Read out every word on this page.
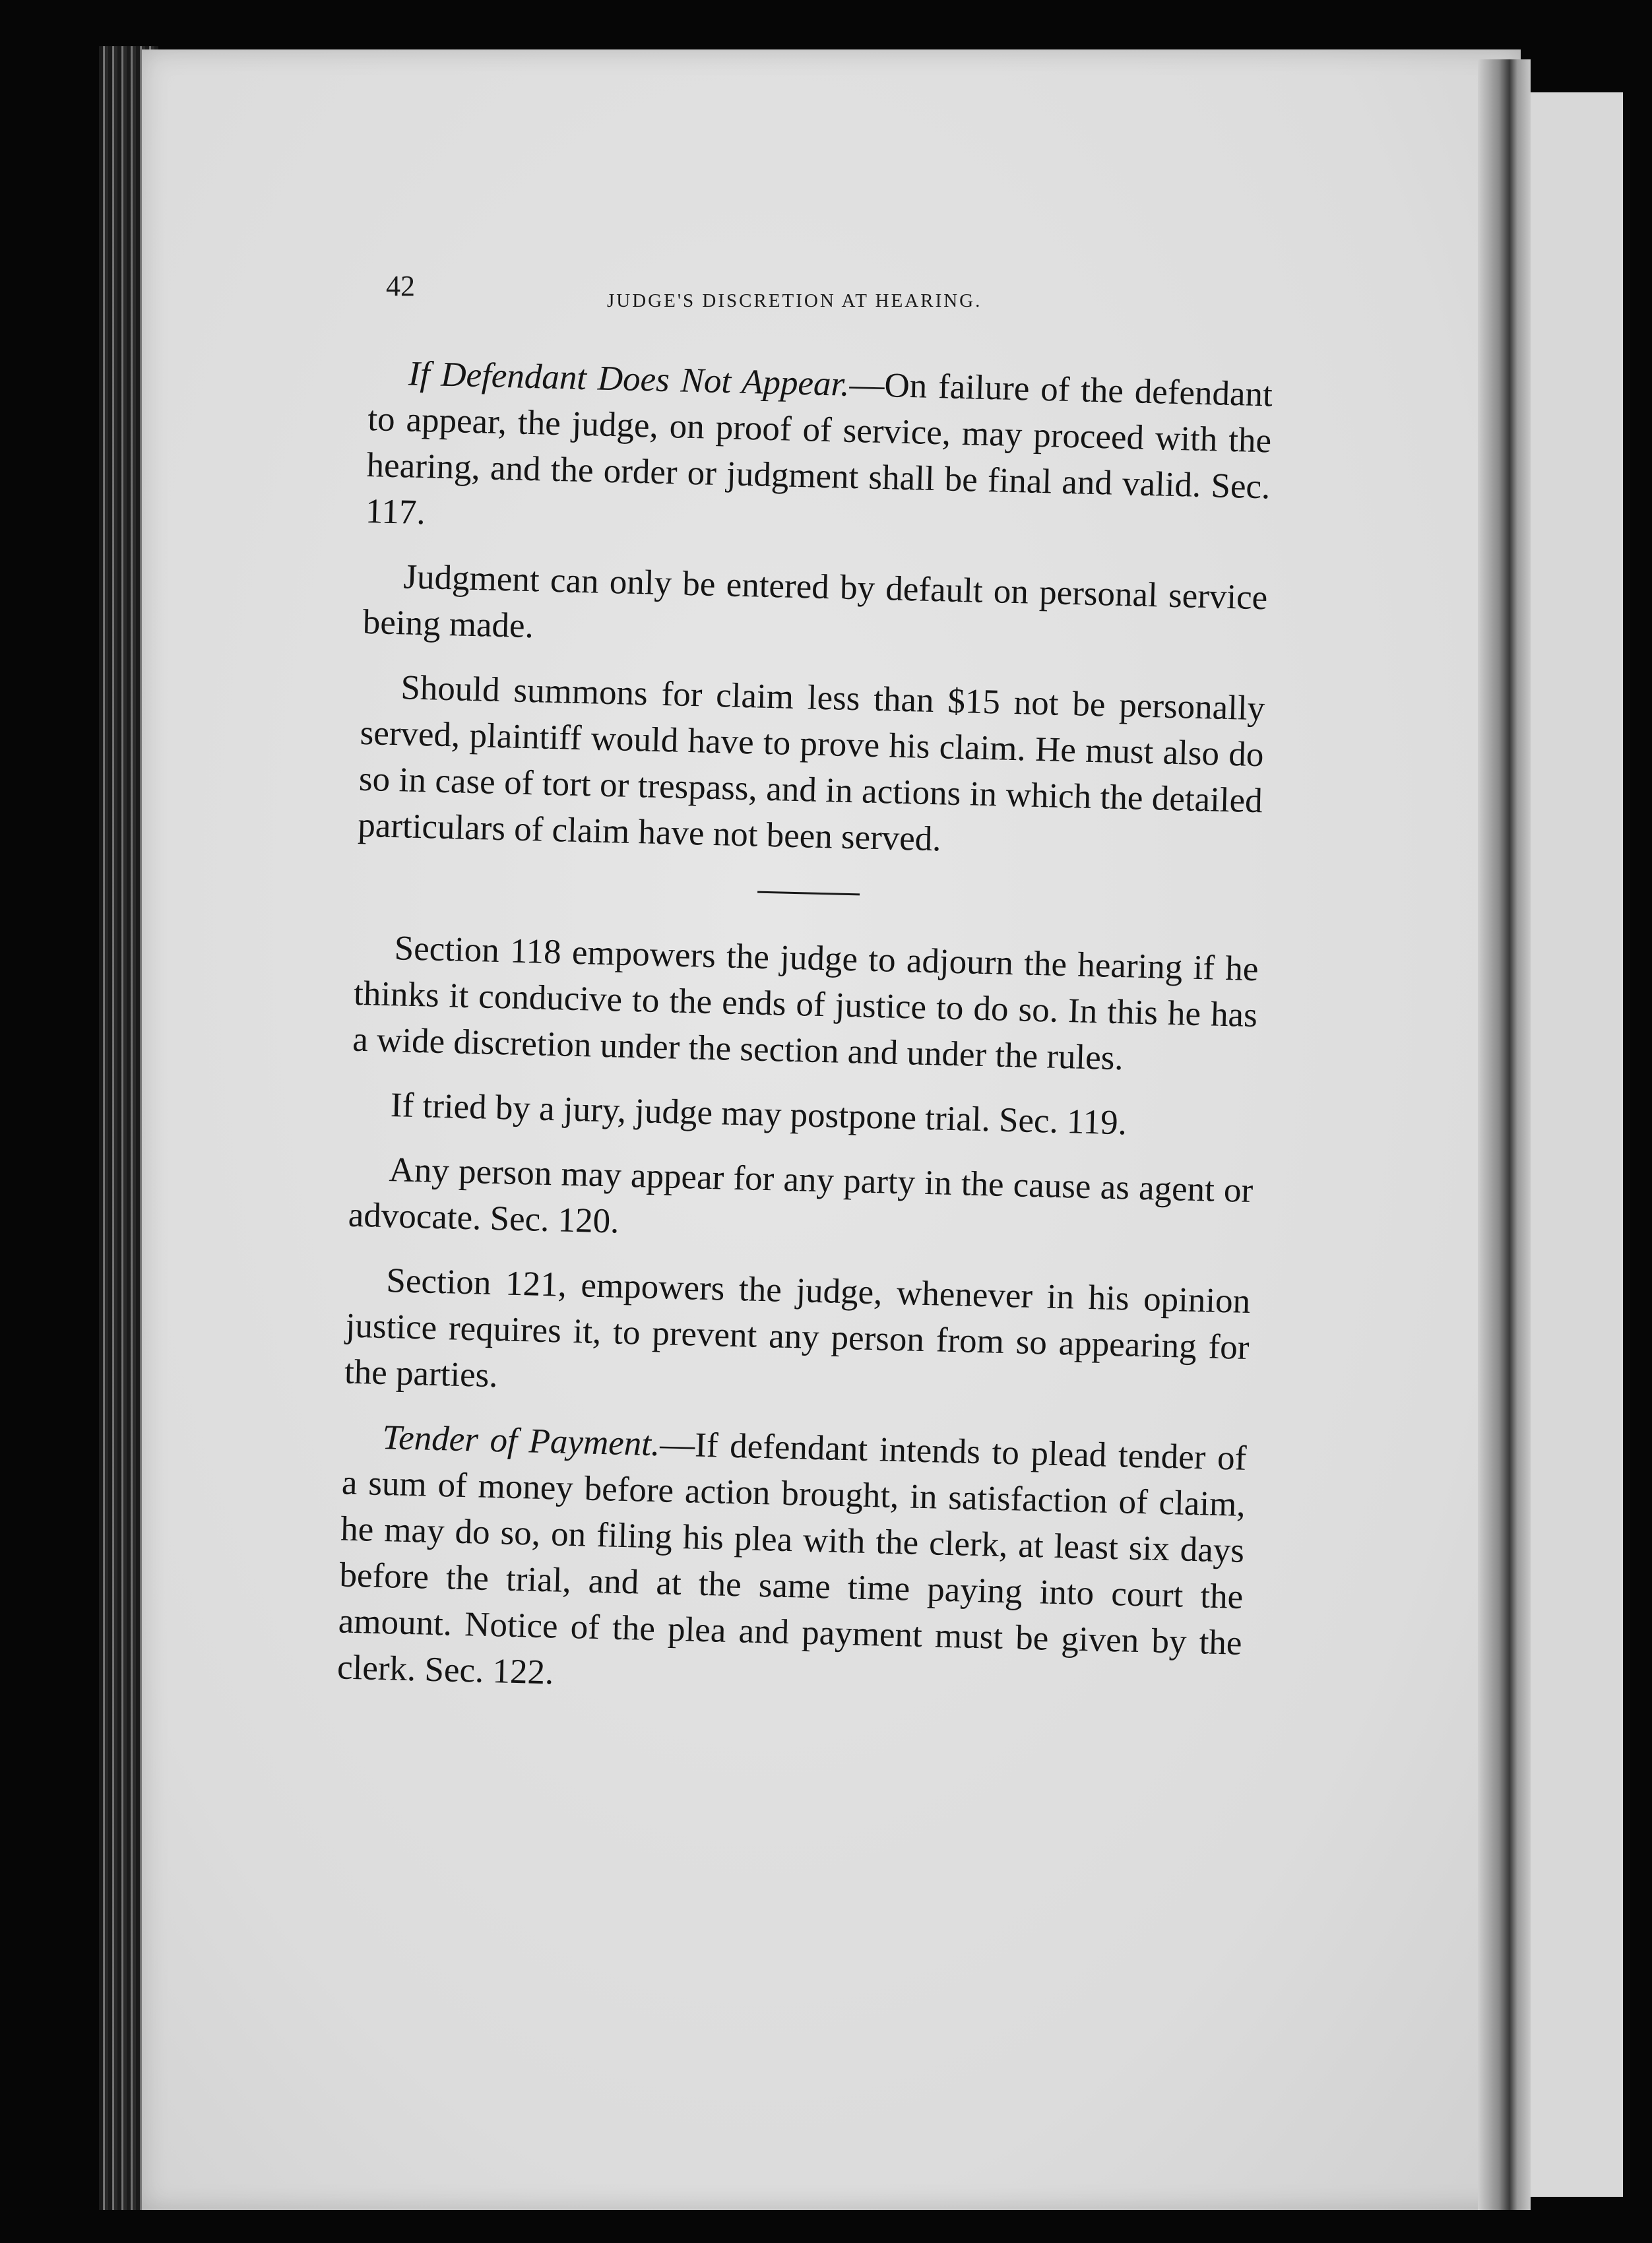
42	JUDGE'S DISCRETION AT HEARING.

If Defendant Does Not Appear.—On failure of the defendant to appear, the judge, on proof of service, may proceed with the hearing, and the order or judgment shall be final and valid. Sec. 117.

Judgment can only be entered by default on personal service being made.

Should summons for claim less than $15 not be personally served, plaintiff would have to prove his claim. He must also do so in case of tort or trespass, and in actions in which the detailed particulars of claim have not been served.

Section 118 empowers the judge to adjourn the hearing if he thinks it conducive to the ends of justice to do so. In this he has a wide discretion under the section and under the rules.

If tried by a jury, judge may postpone trial. Sec. 119.

Any person may appear for any party in the cause as agent or advocate. Sec. 120.

Section 121, empowers the judge, whenever in his opinion justice requires it, to prevent any person from so appearing for the parties.

Tender of Payment.—If defendant intends to plead tender of a sum of money before action brought, in satisfaction of claim, he may do so, on filing his plea with the clerk, at least six days before the trial, and at the same time paying into court the amount. Notice of the plea and payment must be given by the clerk. Sec. 122.
